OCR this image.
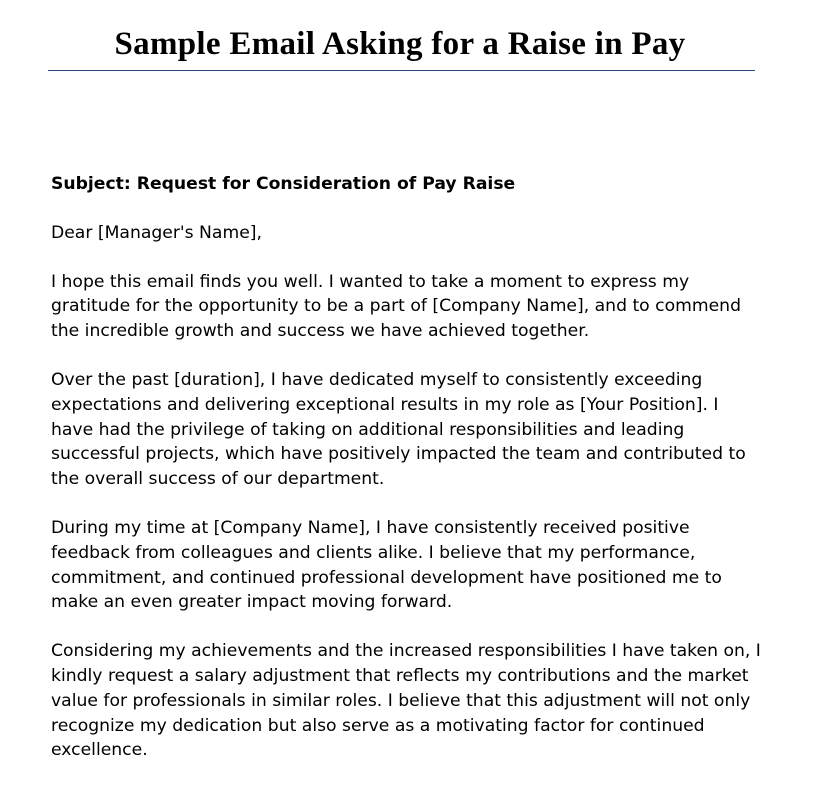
Sample Email Asking for a Raise in Pay

Subject: Request for Consideration of Pay Raise

Dear [Manager's Name],

I hope this email finds you well. I wanted to take a moment to express my gratitude for the opportunity to be a part of [Company Name], and to commend the incredible growth and success we have achieved together.

Over the past [duration], I have dedicated myself to consistently exceeding expectations and delivering exceptional results in my role as [Your Position]. I have had the privilege of taking on additional responsibilities and leading successful projects, which have positively impacted the team and contributed to the overall success of our department.

During my time at [Company Name], I have consistently received positive feedback from colleagues and clients alike. I believe that my performance, commitment, and continued professional development have positioned me to make an even greater impact moving forward.

Considering my achievements and the increased responsibilities I have taken on, I kindly request a salary adjustment that reflects my contributions and the market value for professionals in similar roles. I believe that this adjustment will not only recognize my dedication but also serve as a motivating factor for continued excellence.
